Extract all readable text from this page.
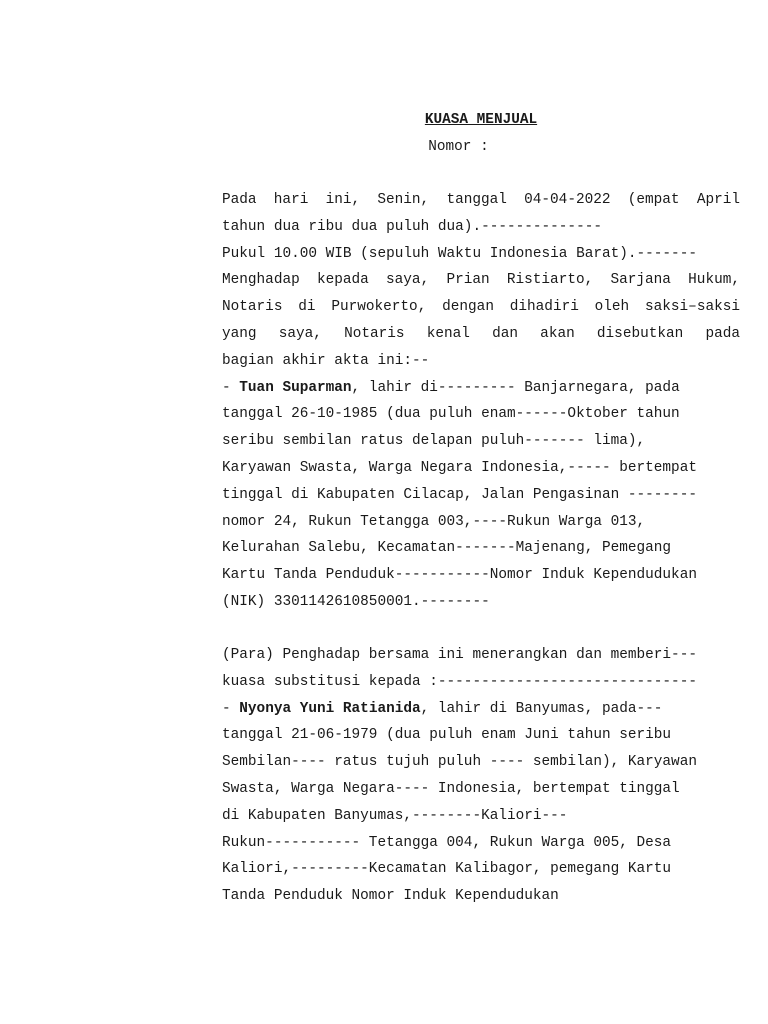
KUASA MENJUAL

Nomor :

Pada hari ini, Senin, tanggal 04-04-2022 (empat April
tahun dua ribu dua puluh dua).--------------
Pukul 10.00 WIB (sepuluh Waktu Indonesia Barat).-------
Menghadap kepada saya, Prian Ristiarto, Sarjana Hukum,
Notaris di Purwokerto, dengan dihadiri oleh saksi–saksi
yang saya, Notaris kenal dan akan disebutkan pada
bagian akhir akta ini:--
- Tuan Suparman, lahir di--------- Banjarnegara, pada
tanggal 26-10-1985 (dua puluh enam------Oktober tahun
seribu sembilan ratus delapan puluh------- lima),
Karyawan Swasta, Warga Negara Indonesia,----- bertempat
tinggal di Kabupaten Cilacap, Jalan Pengasinan --------
nomor 24, Rukun Tetangga 003,----Rukun Warga 013,
Kelurahan Salebu, Kecamatan-------Majenang, Pemegang
Kartu Tanda Penduduk-----------Nomor Induk Kependudukan
(NIK) 3301142610850001.--------
(Para) Penghadap bersama ini menerangkan dan memberi---
kuasa substitusi kepada :------------------------------
- Nyonya Yuni Ratianida, lahir di Banyumas, pada---
tanggal 21-06-1979 (dua puluh enam Juni tahun seribu
Sembilan---- ratus tujuh puluh ---- sembilan), Karyawan
Swasta, Warga Negara---- Indonesia, bertempat tinggal
di Kabupaten Banyumas,--------Kaliori---
Rukun----------- Tetangga 004, Rukun Warga 005, Desa
Kaliori,---------Kecamatan Kalibagor, pemegang Kartu
Tanda Penduduk Nomor Induk Kependudukan
